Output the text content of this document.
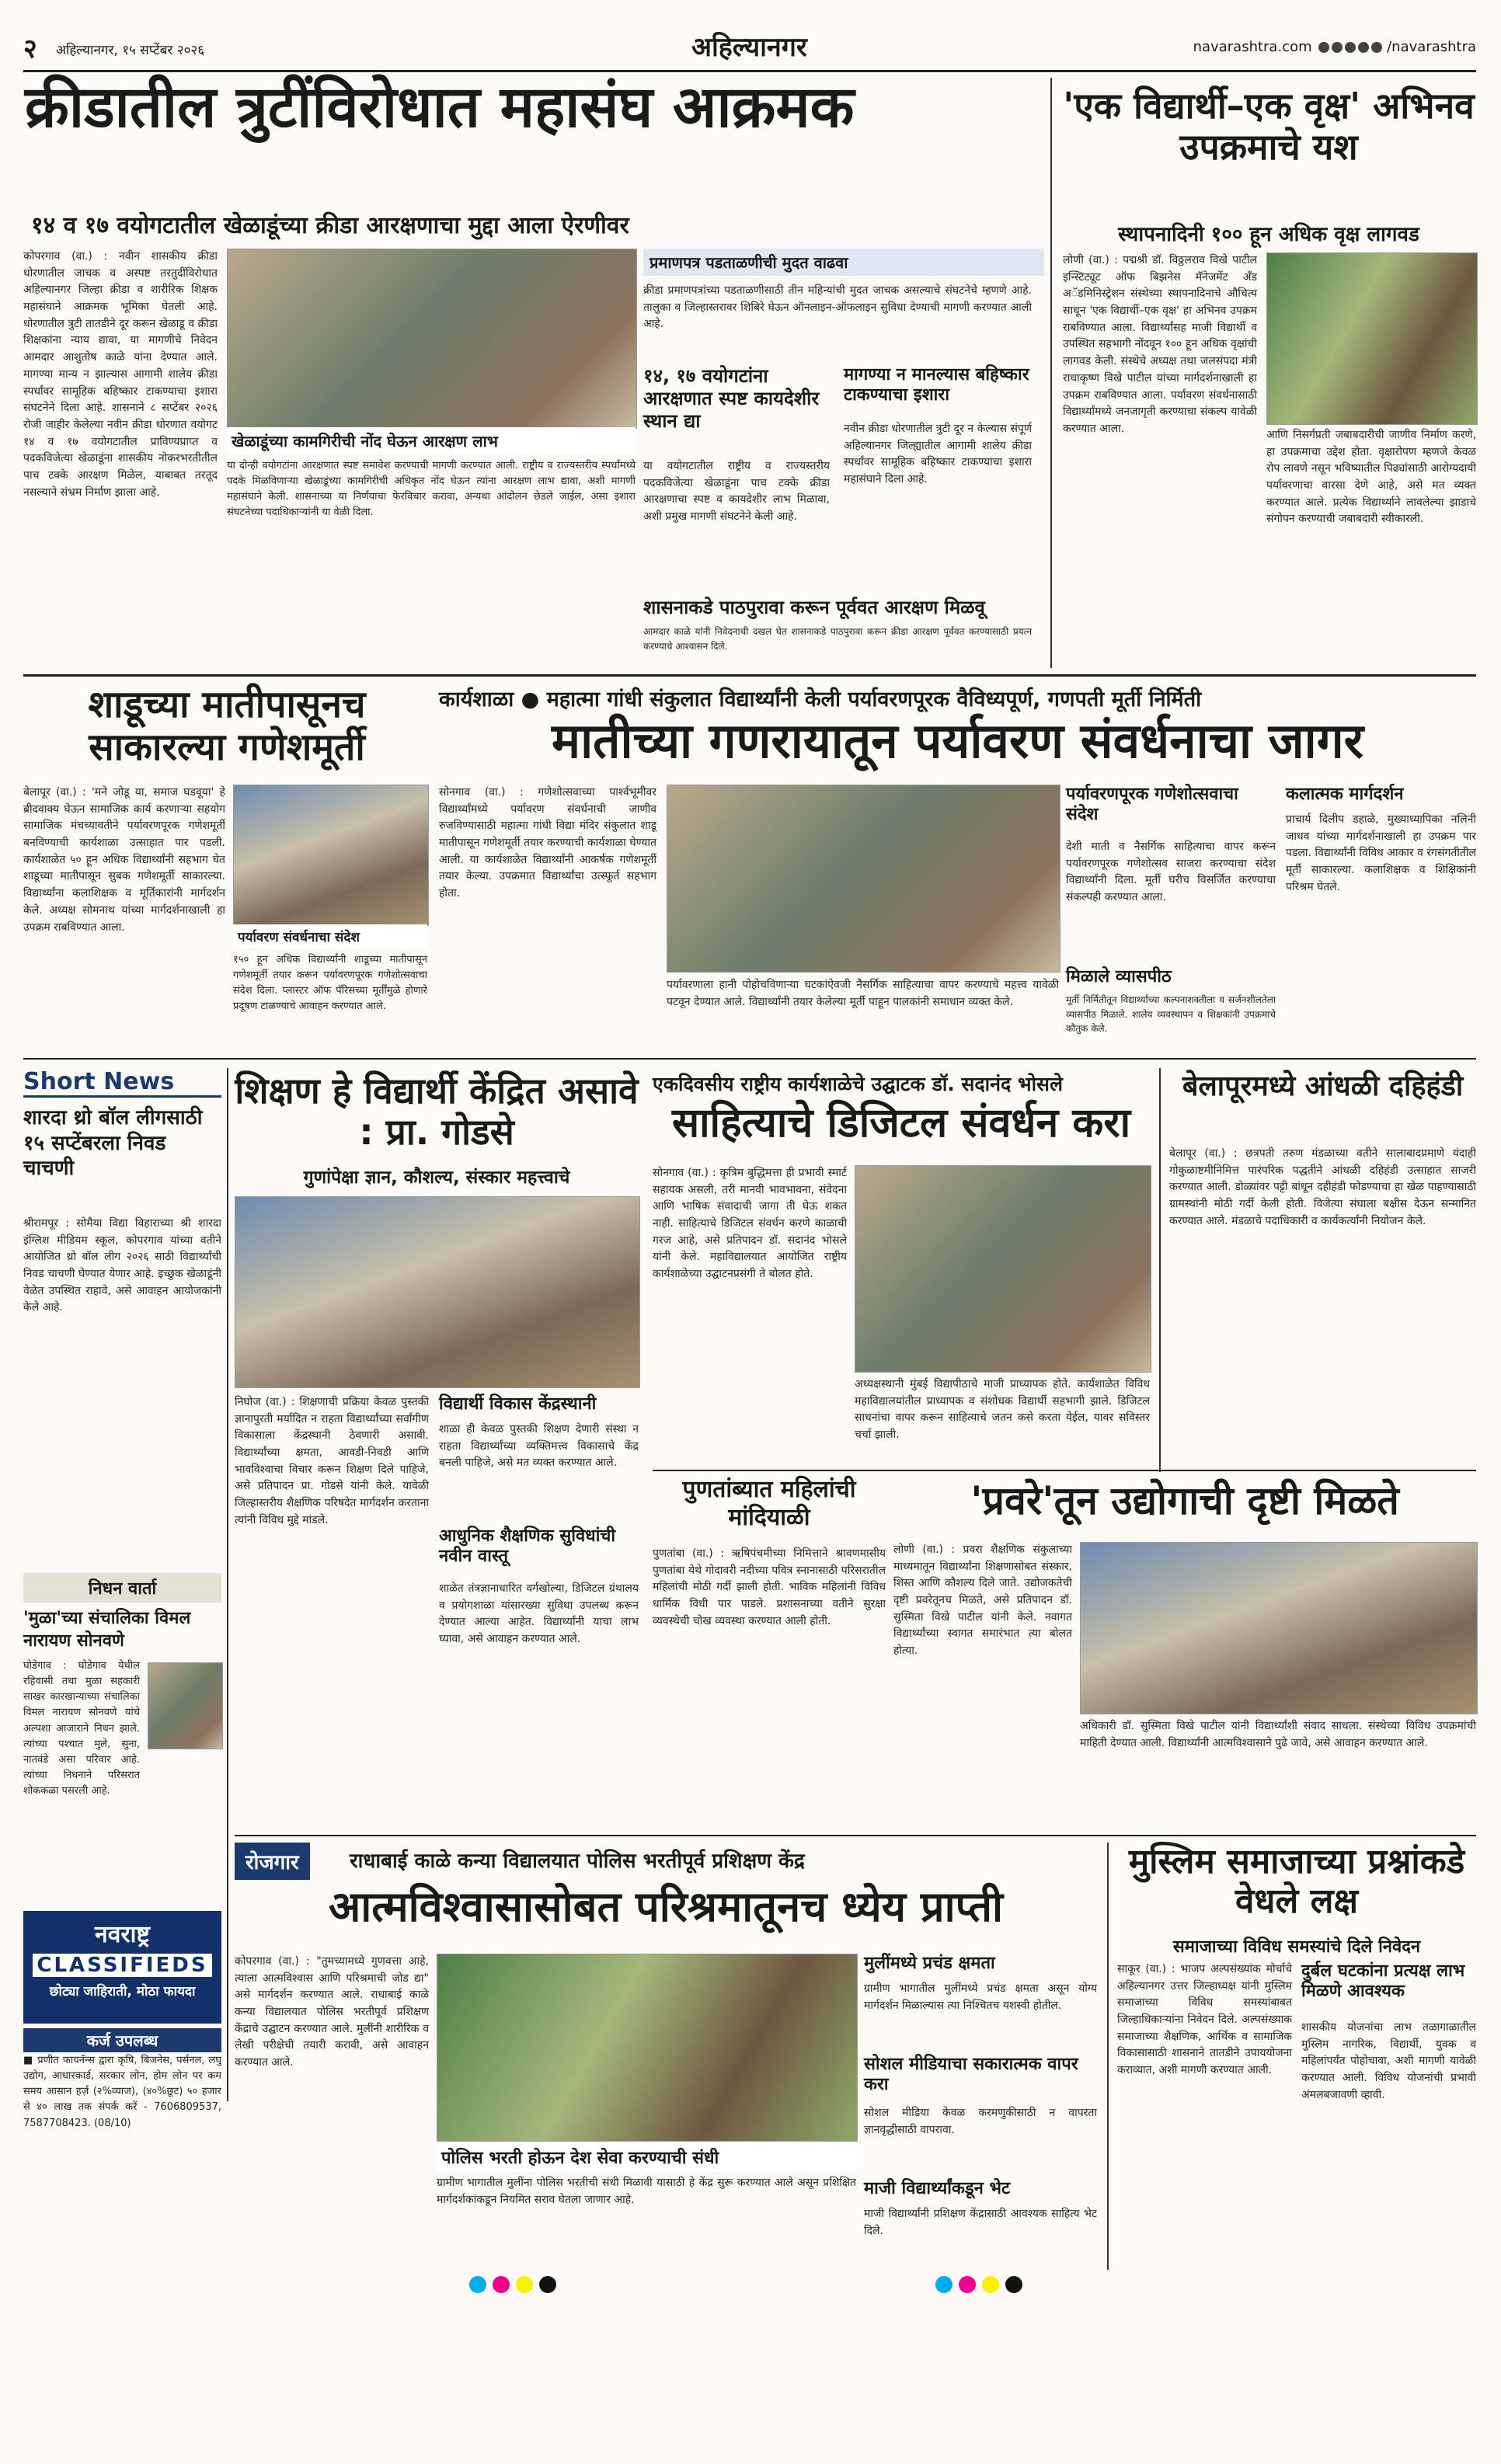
२ अहिल्यानगर, १५ सप्टेंबर २०२६	अहिल्यानगर	navarashtra.com	/navarashtra
क्रीडातील त्रुटींविरोधात महासंघ आक्रमक
१४ व १७ वयोगटातील खेळाडूंच्या क्रीडा आरक्षणाचा मुद्दा आला ऐरणीवर
कोपरगाव (वा.) : नवीन शासकीय क्रीडा धोरणातील जाचक व अस्पष्ट तरतुदींविरोधात अहिल्यानगर जिल्हा क्रीडा व शारीरिक शिक्षक महासंघाने आक्रमक भूमिका घेतली आहे. धोरणातील त्रुटी तातडीने दूर करून खेळाडू व क्रीडा शिक्षकांना न्याय द्यावा, या मागणीचे निवेदन आमदार आशुतोष काळे यांना देण्यात आले. मागण्या मान्य न झाल्यास आगामी शालेय क्रीडा स्पर्धांवर सामूहिक बहिष्कार टाकण्याचा इशारा संघटनेने दिला आहे. शासनाने ८ सप्टेंबर २०२६ रोजी जाहीर केलेल्या नवीन क्रीडा धोरणात वयोगट १४ व १७ वयोगटातील प्राविण्यप्राप्त व पदकविजेत्या खेळाडूंना शासकीय नोकरभरतीतील पाच टक्के आरक्षण मिळेल, याबाबत तरतूद नसल्याने संभ्रम निर्माण झाला आहे.
खेळाडूंच्या कामगिरीची नोंद घेऊन आरक्षण लाभ
या दोन्ही वयोगटांना आरक्षणात स्पष्ट समावेश करण्याची मागणी करण्यात आली. राष्ट्रीय व राज्यस्तरीय स्पर्धांमध्ये पदके मिळविणाऱ्या खेळाडूंच्या कामगिरीची अधिकृत नोंद घेऊन त्यांना आरक्षण लाभ द्यावा, अशी मागणी महासंघाने केली. शासनाच्या या निर्णयाचा फेरविचार करावा, अन्यथा आंदोलन छेडले जाईल, असा इशारा संघटनेच्या पदाधिकाऱ्यांनी या वेळी दिला.
प्रमाणपत्र पडताळणीची मुदत वाढवा
क्रीडा प्रमाणपत्रांच्या पडताळणीसाठी तीन महिन्यांची मुदत जाचक असल्याचे संघटनेचे म्हणणे आहे. तालुका व जिल्हास्तरावर शिबिरे घेऊन ऑनलाइन-ऑफलाइन सुविधा देण्याची मागणी करण्यात आली आहे.
१४, १७ वयोगटांना आरक्षणात स्पष्ट कायदेशीर स्थान द्या
या वयोगटातील राष्ट्रीय व राज्यस्तरीय पदकविजेत्या खेळाडूंना पाच टक्के क्रीडा आरक्षणाचा स्पष्ट व कायदेशीर लाभ मिळावा, अशी प्रमुख मागणी संघटनेने केली आहे.
मागण्या न मानल्यास बहिष्कार टाकण्याचा इशारा
नवीन क्रीडा धोरणातील त्रुटी दूर न केल्यास संपूर्ण अहिल्यानगर जिल्ह्यातील आगामी शालेय क्रीडा स्पर्धांवर सामूहिक बहिष्कार टाकण्याचा इशारा महासंघाने दिला आहे.
शासनाकडे पाठपुरावा करून पूर्ववत आरक्षण मिळवू
आमदार काळे यांनी निवेदनाची दखल घेत शासनाकडे पाठपुरावा करून क्रीडा आरक्षण पूर्ववत करण्यासाठी प्रयत्न करण्याचे आश्वासन दिले.
'एक विद्यार्थी–एक वृक्ष' अभिनव उपक्रमाचे यश
स्थापनादिनी १०० हून अधिक वृक्ष लागवड
लोणी (वा.) : पद्मश्री डॉ. विठ्ठलराव विखे पाटील इन्स्टिट्यूट ऑफ बिझनेस मॅनेजमेंट अँड अॅडमिनिस्ट्रेशन संस्थेच्या स्थापनादिनाचे औचित्य साधून 'एक विद्यार्थी–एक वृक्ष' हा अभिनव उपक्रम राबविण्यात आला. विद्यार्थ्यांसह माजी विद्यार्थी व उपस्थित सहभागी नोंदवून १०० हून अधिक वृक्षांची लागवड केली. संस्थेचे अध्यक्ष तथा जलसंपदा मंत्री राधाकृष्ण विखे पाटील यांच्या मार्गदर्शनाखाली हा उपक्रम राबविण्यात आला. पर्यावरण संवर्धनासाठी विद्यार्थ्यांमध्ये जनजागृती करण्याचा संकल्प यावेळी करण्यात आला.
आणि निसर्गप्रती जबाबदारीची जाणीव निर्माण करणे, हा उपक्रमाचा उद्देश होता. वृक्षारोपण म्हणजे केवळ रोप लावणे नसून भविष्यातील पिढ्यांसाठी आरोग्यदायी पर्यावरणाचा वारसा देणे आहे, असे मत व्यक्त करण्यात आले. प्रत्येक विद्यार्थ्याने लावलेल्या झाडाचे संगोपन करण्याची जबाबदारी स्वीकारली.
शाडूच्या मातीपासूनच साकारल्या गणेशमूर्ती
बेलापूर (वा.) : 'मने जोडू या, समाज घडवूया' हे ब्रीदवाक्य घेऊन सामाजिक कार्य करणाऱ्या सहयोग सामाजिक मंचच्यावतीने पर्यावरणपूरक गणेशमूर्ती बनविण्याची कार्यशाळा उत्साहात पार पडली. कार्यशाळेत ५० हून अधिक विद्यार्थ्यांनी सहभाग घेत शाडूच्या मातीपासून सुबक गणेशमूर्ती साकारल्या. विद्यार्थ्यांना कलाशिक्षक व मूर्तिकारांनी मार्गदर्शन केले. अध्यक्ष सोमनाथ यांच्या मार्गदर्शनाखाली हा उपक्रम राबविण्यात आला.
पर्यावरण संवर्धनाचा संदेश
१५० हून अधिक विद्यार्थ्यांनी शाडूच्या मातीपासून गणेशमूर्ती तयार करून पर्यावरणपूरक गणेशोत्सवाचा संदेश दिला. प्लास्टर ऑफ पॅरिसच्या मूर्तींमुळे होणारे प्रदूषण टाळण्याचे आवाहन करण्यात आले.
कार्यशाळा ● महात्मा गांधी संकुलात विद्यार्थ्यांनी केली पर्यावरणपूरक वैविध्यपूर्ण, गणपती मूर्ती निर्मिती
मातीच्या गणरायातून पर्यावरण संवर्धनाचा जागर
सोनगाव (वा.) : गणेशोत्सवाच्या पार्श्वभूमीवर विद्यार्थ्यांमध्ये पर्यावरण संवर्धनाची जाणीव रुजविण्यासाठी महात्मा गांधी विद्या मंदिर संकुलात शाडू मातीपासून गणेशमूर्ती तयार करण्याची कार्यशाळा घेण्यात आली. या कार्यशाळेत विद्यार्थ्यांनी आकर्षक गणेशमूर्ती तयार केल्या. उपक्रमात विद्यार्थ्यांचा उत्स्फूर्त सहभाग होता.
पर्यावरणाला हानी पोहोचविणाऱ्या घटकांऐवजी नैसर्गिक साहित्याचा वापर करण्याचे महत्त्व यावेळी पटवून देण्यात आले. विद्यार्थ्यांनी तयार केलेल्या मूर्ती पाहून पालकांनी समाधान व्यक्त केले.
पर्यावरणपूरक गणेशोत्सवाचा संदेश
देशी माती व नैसर्गिक साहित्याचा वापर करून पर्यावरणपूरक गणेशोत्सव साजरा करण्याचा संदेश विद्यार्थ्यांनी दिला. मूर्ती घरीच विसर्जित करण्याचा संकल्पही करण्यात आला.
मिळाले व्यासपीठ
मूर्ती निर्मितीतून विद्यार्थ्यांच्या कल्पनाशक्तीला व सर्जनशीलतेला व्यासपीठ मिळाले. शालेय व्यवस्थापन व शिक्षकांनी उपक्रमाचे कौतुक केले.
कलात्मक मार्गदर्शन
प्राचार्य दिलीप डहाळे, मुख्याध्यापिका नलिनी जाधव यांच्या मार्गदर्शनाखाली हा उपक्रम पार पडला. विद्यार्थ्यांनी विविध आकार व रंगसंगतीतील मूर्ती साकारल्या. कलाशिक्षक व शिक्षिकांनी परिश्रम घेतले.
Short News
शारदा थ्रो बॉल लीगसाठी १५ सप्टेंबरला निवड चाचणी
श्रीरामपूर : सोमैया विद्या विहाराच्या श्री शारदा इंग्लिश मीडियम स्कूल, कोपरगाव यांच्या वतीने आयोजित थ्रो बॉल लीग २०२६ साठी विद्यार्थ्यांची निवड चाचणी घेण्यात येणार आहे. इच्छुक खेळाडूंनी वेळेत उपस्थित राहावे, असे आवाहन आयोजकांनी केले आहे.
निधन वार्ता
'मुळा'च्या संचालिका विमल नारायण सोनवणे
घोडेगाव : घोडेगाव येथील रहिवासी तथा मुळा सहकारी साखर कारखान्याच्या संचालिका विमल नारायण सोनवणे यांचे अल्पशा आजाराने निधन झाले. त्यांच्या पश्चात मुले, सुना, नातवंडे असा परिवार आहे. त्यांच्या निधनाने परिसरात शोककळा पसरली आहे.
नवराष्ट्र
CLASSIFIEDS
छोट्या जाहिराती, मोठा फायदा
कर्ज उपलब्ध
■ प्रणीत फायनॅन्स द्वारा कृषि, बिजनेस, पर्सनल, लघु उद्योग, आधारकार्ड, सरकार लोन, होम लोन पर कम समय आसान हर्ज़ (२%व्याज), (४०%छूट) ५० हजार से ४० लाख तक संपर्क करें - 7606809537, 7587708423. (08/10)
शिक्षण हे विद्यार्थी केंद्रित असावे : प्रा. गोडसे
गुणांपेक्षा ज्ञान, कौशल्य, संस्कार महत्त्वाचे
निघोज (वा.) : शिक्षणाची प्रक्रिया केवळ पुस्तकी ज्ञानापुरती मर्यादित न राहता विद्यार्थ्यांच्या सर्वांगीण विकासाला केंद्रस्थानी ठेवणारी असावी. विद्यार्थ्यांच्या क्षमता, आवडी-निवडी आणि भावविश्वाचा विचार करून शिक्षण दिले पाहिजे, असे प्रतिपादन प्रा. गोडसे यांनी केले. यावेळी जिल्हास्तरीय शैक्षणिक परिषदेत मार्गदर्शन करताना त्यांनी विविध मुद्दे मांडले.
विद्यार्थी विकास केंद्रस्थानी
शाळा ही केवळ पुस्तकी शिक्षण देणारी संस्था न राहता विद्यार्थ्यांच्या व्यक्तिमत्त्व विकासाचे केंद्र बनली पाहिजे, असे मत व्यक्त करण्यात आले.
आधुनिक शैक्षणिक सुविधांची नवीन वास्तू
शाळेत तंत्रज्ञानाधारित वर्गखोल्या, डिजिटल ग्रंथालय व प्रयोगशाळा यांसारख्या सुविधा उपलब्ध करून देण्यात आल्या आहेत. विद्यार्थ्यांनी याचा लाभ घ्यावा, असे आवाहन करण्यात आले.
एकदिवसीय राष्ट्रीय कार्यशाळेचे उद्घाटक डॉ. सदानंद भोसले
साहित्याचे डिजिटल संवर्धन करा
सोनगाव (वा.) : कृत्रिम बुद्धिमत्ता ही प्रभावी स्मार्ट सहायक असली, तरी मानवी भावभावना, संवेदना आणि भाषिक संवादाची जागा ती घेऊ शकत नाही. साहित्याचे डिजिटल संवर्धन करणे काळाची गरज आहे, असे प्रतिपादन डॉ. सदानंद भोसले यांनी केले. महाविद्यालयात आयोजित राष्ट्रीय कार्यशाळेच्या उद्घाटनप्रसंगी ते बोलत होते.
अध्यक्षस्थानी मुंबई विद्यापीठाचे माजी प्राध्यापक होते. कार्यशाळेत विविध महाविद्यालयांतील प्राध्यापक व संशोधक विद्यार्थी सहभागी झाले. डिजिटल साधनांचा वापर करून साहित्याचे जतन कसे करता येईल, यावर सविस्तर चर्चा झाली.
बेलापूरमध्ये आंधळी दहिहंडी
बेलापूर (वा.) : छत्रपती तरुण मंडळाच्या वतीने सालाबादप्रमाणे यंदाही गोकुळाष्टमीनिमित्त पारंपरिक पद्धतीने आंधळी दहिहंडी उत्साहात साजरी करण्यात आली. डोळ्यांवर पट्टी बांधून दहीहंडी फोडण्याचा हा खेळ पाहण्यासाठी ग्रामस्थांनी मोठी गर्दी केली होती. विजेत्या संघाला बक्षीस देऊन सन्मानित करण्यात आले. मंडळाचे पदाधिकारी व कार्यकर्त्यांनी नियोजन केले.
पुणतांब्यात महिलांची मांदियाळी
पुणतांबा (वा.) : ऋषिपंचमीच्या निमित्ताने श्रावणमासीय पुणतांबा येथे गोदावरी नदीच्या पवित्र स्नानासाठी परिसरातील महिलांची मोठी गर्दी झाली होती. भाविक महिलांनी विविध धार्मिक विधी पार पाडले. प्रशासनाच्या वतीने सुरक्षा व्यवस्थेची चोख व्यवस्था करण्यात आली होती.
'प्रवरे'तून उद्योगाची दृष्टी मिळते
लोणी (वा.) : प्रवरा शैक्षणिक संकुलाच्या माध्यमातून विद्यार्थ्यांना शिक्षणासोबत संस्कार, शिस्त आणि कौशल्य दिले जाते. उद्योजकतेची दृष्टी प्रवरेतूनच मिळते, असे प्रतिपादन डॉ. सुस्मिता विखे पाटील यांनी केले. नवागत विद्यार्थ्यांच्या स्वागत समारंभात त्या बोलत होत्या.
अधिकारी डॉ. सुस्मिता विखे पाटील यांनी विद्यार्थ्यांशी संवाद साधला. संस्थेच्या विविध उपक्रमांची माहिती देण्यात आली. विद्यार्थ्यांनी आत्मविश्वासाने पुढे जावे, असे आवाहन करण्यात आले.
रोजगार	राधाबाई काळे कन्या विद्यालयात पोलिस भरतीपूर्व प्रशिक्षण केंद्र
आत्मविश्वासासोबत परिश्रमातूनच ध्येय प्राप्ती
कोपरगाव (वा.) : "तुमच्यामध्ये गुणवत्ता आहे, त्याला आत्मविश्वास आणि परिश्रमाची जोड द्या" असे मार्गदर्शन करण्यात आले. राधाबाई काळे कन्या विद्यालयात पोलिस भरतीपूर्व प्रशिक्षण केंद्राचे उद्घाटन करण्यात आले. मुलींनी शारीरिक व लेखी परीक्षेची तयारी करावी, असे आवाहन करण्यात आले.
पोलिस भरती होऊन देश सेवा करण्याची संधी
ग्रामीण भागातील मुलींना पोलिस भरतीची संधी मिळावी यासाठी हे केंद्र सुरू करण्यात आले असून प्रशिक्षित मार्गदर्शकांकडून नियमित सराव घेतला जाणार आहे.
मुलींमध्ये प्रचंड क्षमता
ग्रामीण भागातील मुलींमध्ये प्रचंड क्षमता असून योग्य मार्गदर्शन मिळाल्यास त्या निश्चितच यशस्वी होतील.
सोशल मीडियाचा सकारात्मक वापर करा
सोशल मीडिया केवळ करमणुकीसाठी न वापरता ज्ञानवृद्धीसाठी वापरावा.
माजी विद्यार्थ्यांकडून भेट
माजी विद्यार्थ्यांनी प्रशिक्षण केंद्रासाठी आवश्यक साहित्य भेट दिले.
मुस्लिम समाजाच्या प्रश्नांकडे वेधले लक्ष
समाजाच्या विविध समस्यांचे दिले निवेदन
साकूर (वा.) : भाजप अल्पसंख्यांक मोर्चाचे अहिल्यानगर उत्तर जिल्हाध्यक्ष यांनी मुस्लिम समाजाच्या विविध समस्यांबाबत जिल्हाधिकाऱ्यांना निवेदन दिले. अल्पसंख्याक समाजाच्या शैक्षणिक, आर्थिक व सामाजिक विकासासाठी शासनाने तातडीने उपाययोजना कराव्यात, अशी मागणी करण्यात आली.
दुर्बल घटकांना प्रत्यक्ष लाभ मिळणे आवश्यक
शासकीय योजनांचा लाभ तळागाळातील मुस्लिम नागरिक, विद्यार्थी, युवक व महिलांपर्यंत पोहोचावा, अशी मागणी यावेळी करण्यात आली. विविध योजनांची प्रभावी अंमलबजावणी व्हावी.
